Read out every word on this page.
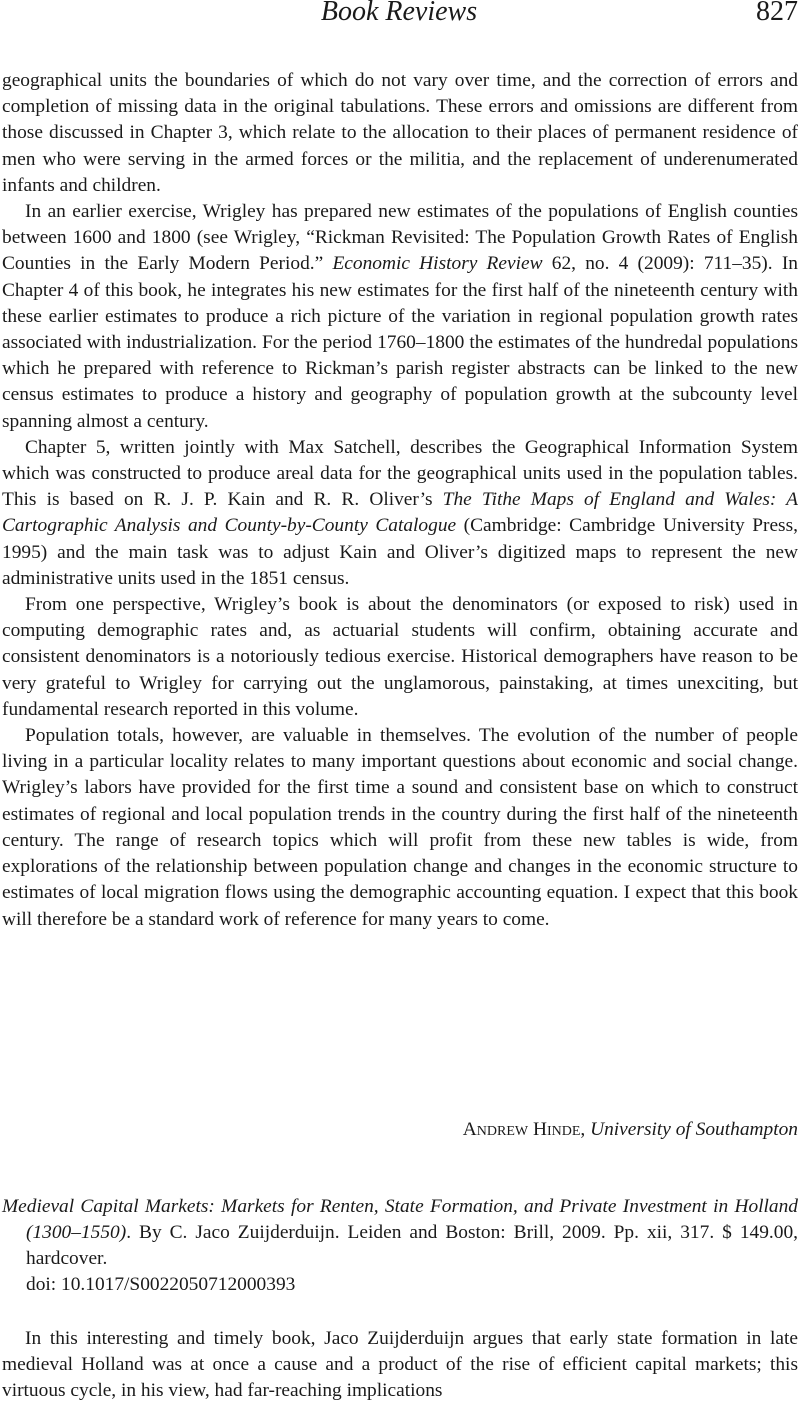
Book Reviews	827

geographical units the boundaries of which do not vary over time, and the correction of errors and completion of missing data in the original tabulations. These errors and omissions are different from those discussed in Chapter 3, which relate to the allocation to their places of permanent residence of men who were serving in the armed forces or the militia, and the replacement of underenumerated infants and children.

In an earlier exercise, Wrigley has prepared new estimates of the populations of English counties between 1600 and 1800 (see Wrigley, “Rickman Revisited: The Population Growth Rates of English Counties in the Early Modern Period.” Economic History Review 62, no. 4 (2009): 711–35). In Chapter 4 of this book, he integrates his new estimates for the first half of the nineteenth century with these earlier estimates to produce a rich picture of the variation in regional population growth rates associated with industrialization. For the period 1760–1800 the estimates of the hundredal populations which he prepared with reference to Rickman’s parish register abstracts can be linked to the new census estimates to produce a history and geography of population growth at the subcounty level spanning almost a century.

Chapter 5, written jointly with Max Satchell, describes the Geographical Information System which was constructed to produce areal data for the geographical units used in the population tables. This is based on R. J. P. Kain and R. R. Oliver’s The Tithe Maps of England and Wales: A Cartographic Analysis and County-by-County Catalogue (Cambridge: Cambridge University Press, 1995) and the main task was to adjust Kain and Oliver’s digitized maps to represent the new administrative units used in the 1851 census.

From one perspective, Wrigley’s book is about the denominators (or exposed to risk) used in computing demographic rates and, as actuarial students will confirm, obtaining accurate and consistent denominators is a notoriously tedious exercise. Historical demographers have reason to be very grateful to Wrigley for carrying out the unglamorous, painstaking, at times unexciting, but fundamental research reported in this volume.

Population totals, however, are valuable in themselves. The evolution of the number of people living in a particular locality relates to many important questions about economic and social change. Wrigley’s labors have provided for the first time a sound and consistent base on which to construct estimates of regional and local population trends in the country during the first half of the nineteenth century. The range of research topics which will profit from these new tables is wide, from explorations of the relationship between population change and changes in the economic structure to estimates of local migration flows using the demographic accounting equation. I expect that this book will therefore be a standard work of reference for many years to come.

Andrew Hinde, University of Southampton

Medieval Capital Markets: Markets for Renten, State Formation, and Private Investment in Holland (1300–1550). By C. Jaco Zuijderduijn. Leiden and Boston: Brill, 2009. Pp. xii, 317. $ 149.00, hardcover.

doi: 10.1017/S0022050712000393

In this interesting and timely book, Jaco Zuijderduijn argues that early state formation in late medieval Holland was at once a cause and a product of the rise of efficient capital markets; this virtuous cycle, in his view, had far-reaching implications
